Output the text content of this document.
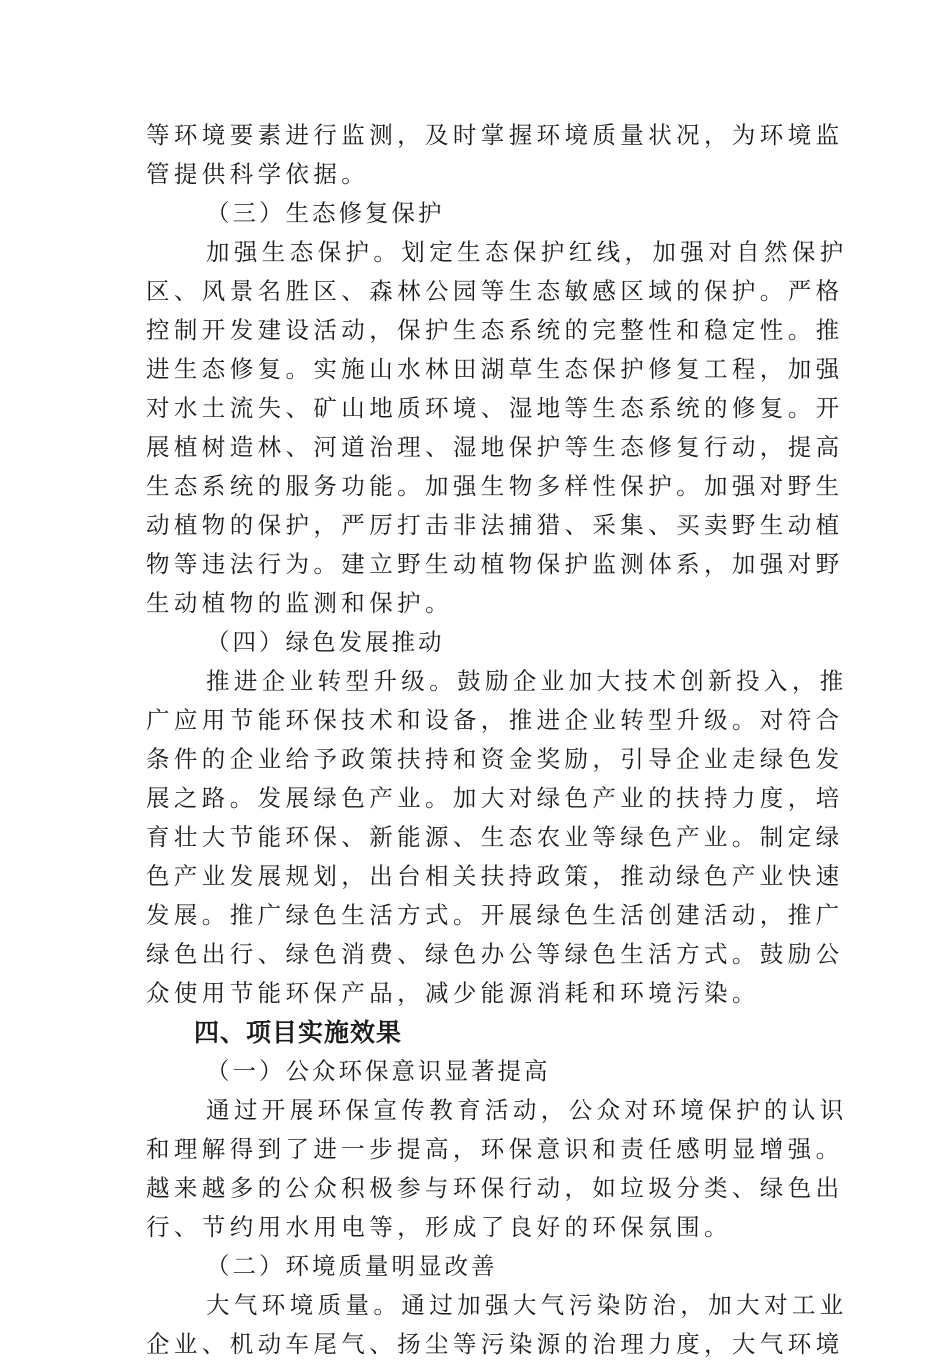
等环境要素进行监测，及时掌握环境质量状况，为环境监
管提供科学依据。
（三）生态修复保护
加强生态保护。划定生态保护红线，加强对自然保护
区、风景名胜区、森林公园等生态敏感区域的保护。严格
控制开发建设活动，保护生态系统的完整性和稳定性。推
进生态修复。实施山水林田湖草生态保护修复工程，加强
对水土流失、矿山地质环境、湿地等生态系统的修复。开
展植树造林、河道治理、湿地保护等生态修复行动，提高
生态系统的服务功能。加强生物多样性保护。加强对野生
动植物的保护，严厉打击非法捕猎、采集、买卖野生动植
物等违法行为。建立野生动植物保护监测体系，加强对野
生动植物的监测和保护。
（四）绿色发展推动
推进企业转型升级。鼓励企业加大技术创新投入，推
广应用节能环保技术和设备，推进企业转型升级。对符合
条件的企业给予政策扶持和资金奖励，引导企业走绿色发
展之路。发展绿色产业。加大对绿色产业的扶持力度，培
育壮大节能环保、新能源、生态农业等绿色产业。制定绿
色产业发展规划，出台相关扶持政策，推动绿色产业快速
发展。推广绿色生活方式。开展绿色生活创建活动，推广
绿色出行、绿色消费、绿色办公等绿色生活方式。鼓励公
众使用节能环保产品，减少能源消耗和环境污染。
四、项目实施效果
（一）公众环保意识显著提高
通过开展环保宣传教育活动，公众对环境保护的认识
和理解得到了进一步提高，环保意识和责任感明显增强。
越来越多的公众积极参与环保行动，如垃圾分类、绿色出
行、节约用水用电等，形成了良好的环保氛围。
（二）环境质量明显改善
大气环境质量。通过加强大气污染防治，加大对工业
企业、机动车尾气、扬尘等污染源的治理力度，大气环境
